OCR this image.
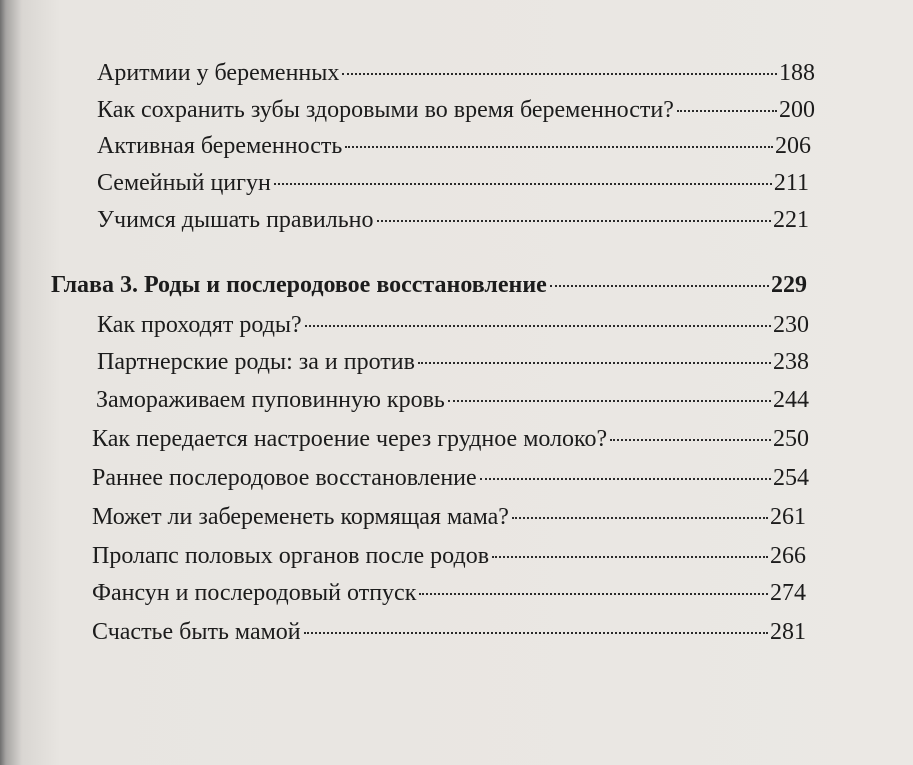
Аритмии у беременных	188
Как сохранить зубы здоровыми во время беременности?	200
Активная беременность	206
Семейный цигун	211
Учимся дышать правильно	221
Глава 3. Роды и послеродовое восстановление	229
Как проходят роды?	230
Партнерские роды: за и против	238
Замораживаем пуповинную кровь	244
Как передается настроение через грудное молоко?	250
Раннее послеродовое восстановление	254
Может ли забеременеть кормящая мама?	261
Пролапс половых органов после родов	266
Фансун и послеродовый отпуск	274
Счастье быть мамой	281
